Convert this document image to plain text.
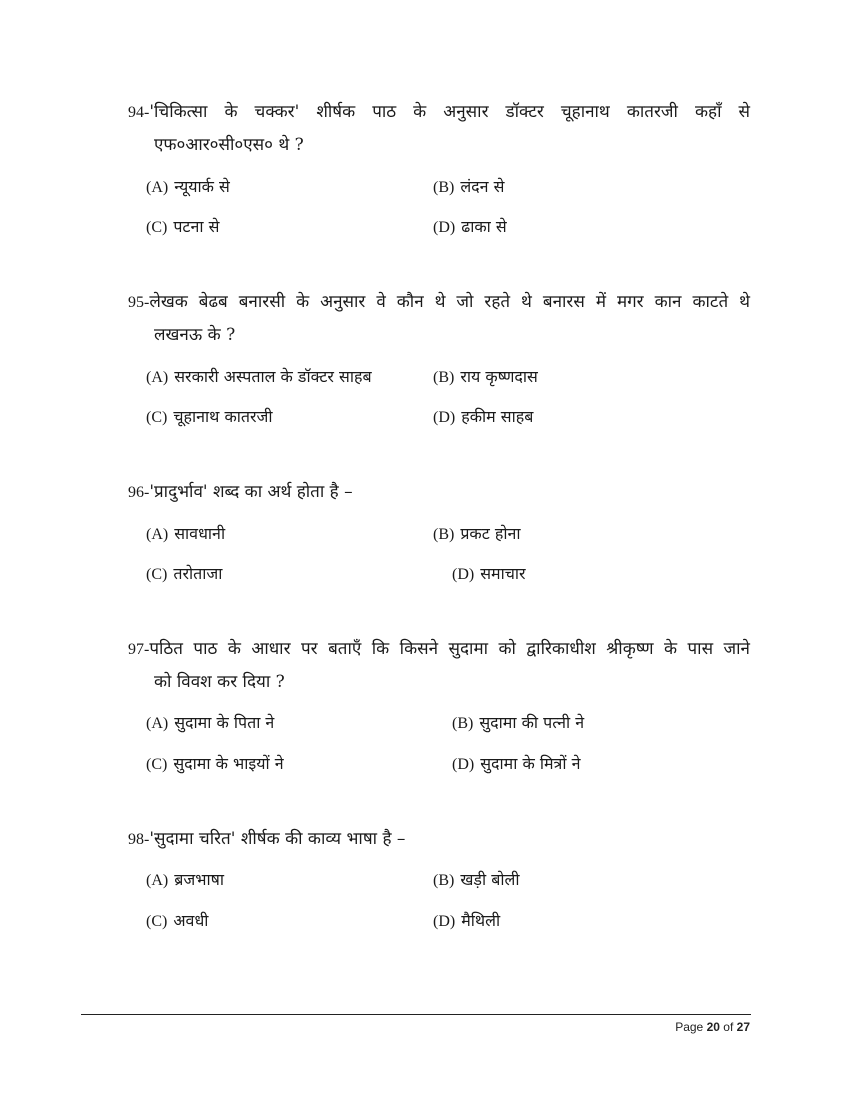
94-'चिकित्सा के चक्कर' शीर्षक पाठ के अनुसार डॉक्टर चूहानाथ कातरजी कहाँ से
एफ०आर०सी०एस० थे ?
(A) न्यूयार्क से	(B) लंदन से
(C) पटना से	(D) ढाका से
95-लेखक बेढब बनारसी के अनुसार वे कौन थे जो रहते थे बनारस में मगर कान काटते थे
लखनऊ के ?
(A) सरकारी अस्पताल के डॉक्टर साहब	(B) राय कृष्णदास
(C) चूहानाथ कातरजी	(D) हकीम साहब
96-'प्रादुर्भाव' शब्द का अर्थ होता है –
(A) सावधानी	(B) प्रकट होना
(C) तरोताजा	(D) समाचार
97-पठित पाठ के आधार पर बताएँ कि किसने सुदामा को द्वारिकाधीश श्रीकृष्ण के पास जाने
को विवश कर दिया ?
(A) सुदामा के पिता ने	(B) सुदामा की पत्नी ने
(C) सुदामा के भाइयों ने	(D) सुदामा के मित्रों ने
98-'सुदामा चरित' शीर्षक की काव्य भाषा है –
(A) ब्रजभाषा	(B) खड़ी बोली
(C) अवधी	(D) मैथिली
Page 20 of 27
